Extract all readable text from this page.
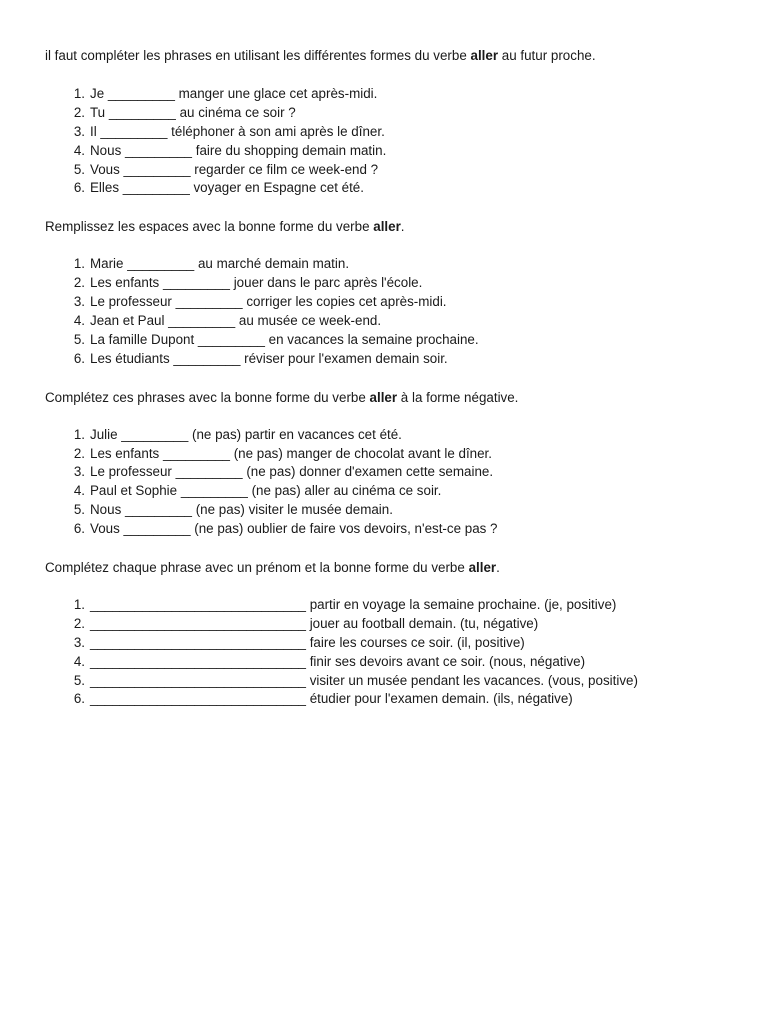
il faut compléter les phrases en utilisant les différentes formes du verbe aller au futur proche.

1. Je _________ manger une glace cet après-midi.
2. Tu _________ au cinéma ce soir ?
3. Il _________ téléphoner à son ami après le dîner.
4. Nous _________ faire du shopping demain matin.
5. Vous _________ regarder ce film ce week-end ?
6. Elles _________ voyager en Espagne cet été.

Remplissez les espaces avec la bonne forme du verbe aller.

1. Marie _________ au marché demain matin.
2. Les enfants _________ jouer dans le parc après l'école.
3. Le professeur _________ corriger les copies cet après-midi.
4. Jean et Paul _________ au musée ce week-end.
5. La famille Dupont _________ en vacances la semaine prochaine.
6. Les étudiants _________ réviser pour l'examen demain soir.

Complétez ces phrases avec la bonne forme du verbe aller à la forme négative.

1. Julie _________ (ne pas) partir en vacances cet été.
2. Les enfants _________ (ne pas) manger de chocolat avant le dîner.
3. Le professeur _________ (ne pas) donner d'examen cette semaine.
4. Paul et Sophie _________ (ne pas) aller au cinéma ce soir.
5. Nous _________ (ne pas) visiter le musée demain.
6. Vous _________ (ne pas) oublier de faire vos devoirs, n'est-ce pas ?

Complétez chaque phrase avec un prénom et la bonne forme du verbe aller.

1. _____________________________ partir en voyage la semaine prochaine. (je, positive)
2. _____________________________ jouer au football demain. (tu, négative)
3. _____________________________ faire les courses ce soir. (il, positive)
4. _____________________________ finir ses devoirs avant ce soir. (nous, négative)
5. _____________________________ visiter un musée pendant les vacances. (vous, positive)
6. _____________________________ étudier pour l'examen demain. (ils, négative)
